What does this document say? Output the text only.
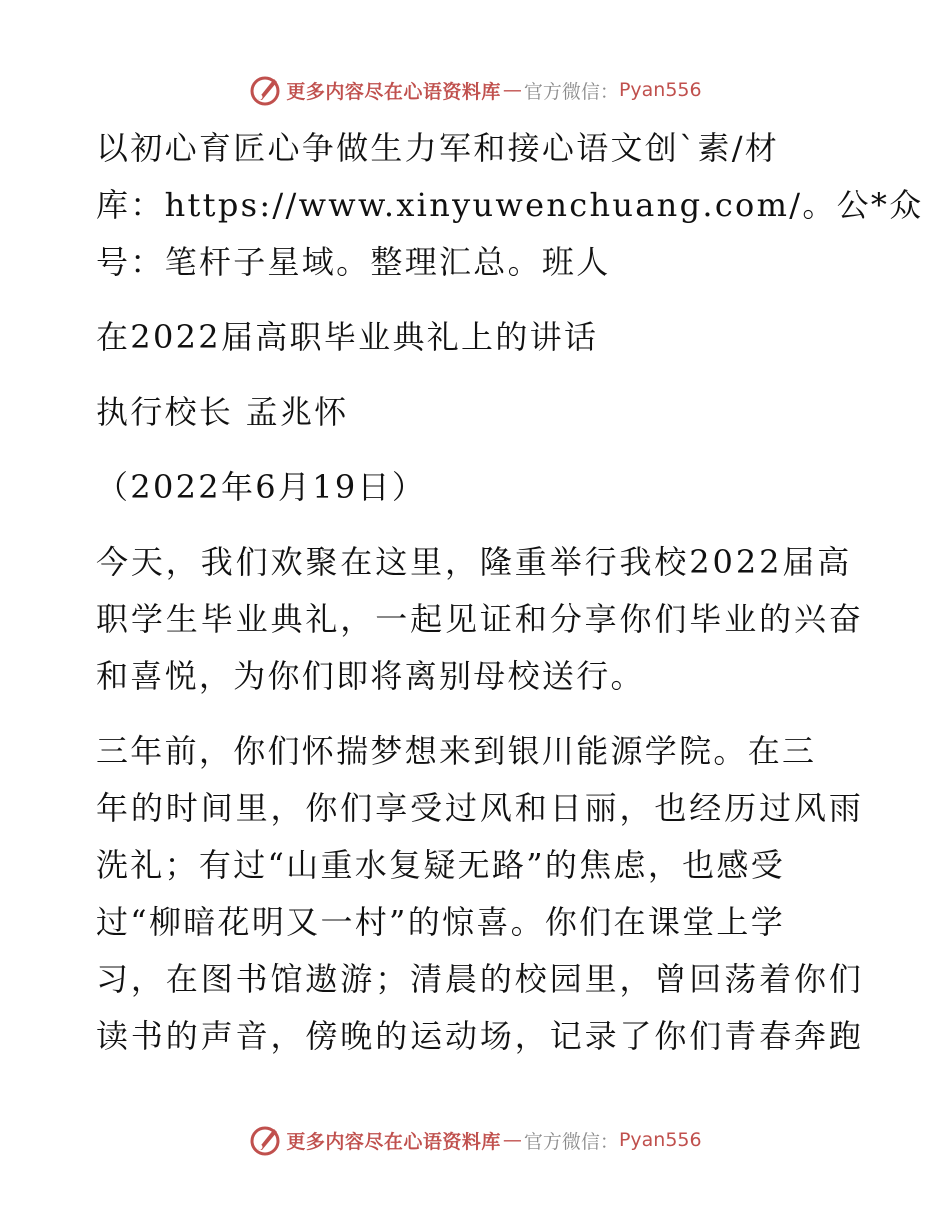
更多内容尽在心语资料库 — 官方微信： Pyan556
以初心育匠心争做生力军和接心语文创`素/材
库：https://www.xinyuwenchuang.com/。公*众
号：笔杆子星域。整理汇总。班人
在2022届高职毕业典礼上的讲话
执行校长 孟兆怀
（2022年6月19日）
今天，我们欢聚在这里，隆重举行我校2022届高
职学生毕业典礼，一起见证和分享你们毕业的兴奋
和喜悦，为你们即将离别母校送行。
三年前，你们怀揣梦想来到银川能源学院。在三
年的时间里，你们享受过风和日丽，也经历过风雨
洗礼；有过“山重水复疑无路”的焦虑，也感受
过“柳暗花明又一村”的惊喜。你们在课堂上学
习，在图书馆遨游；清晨的校园里，曾回荡着你们
读书的声音，傍晚的运动场，记录了你们青春奔跑
更多内容尽在心语资料库 — 官方微信： Pyan556
